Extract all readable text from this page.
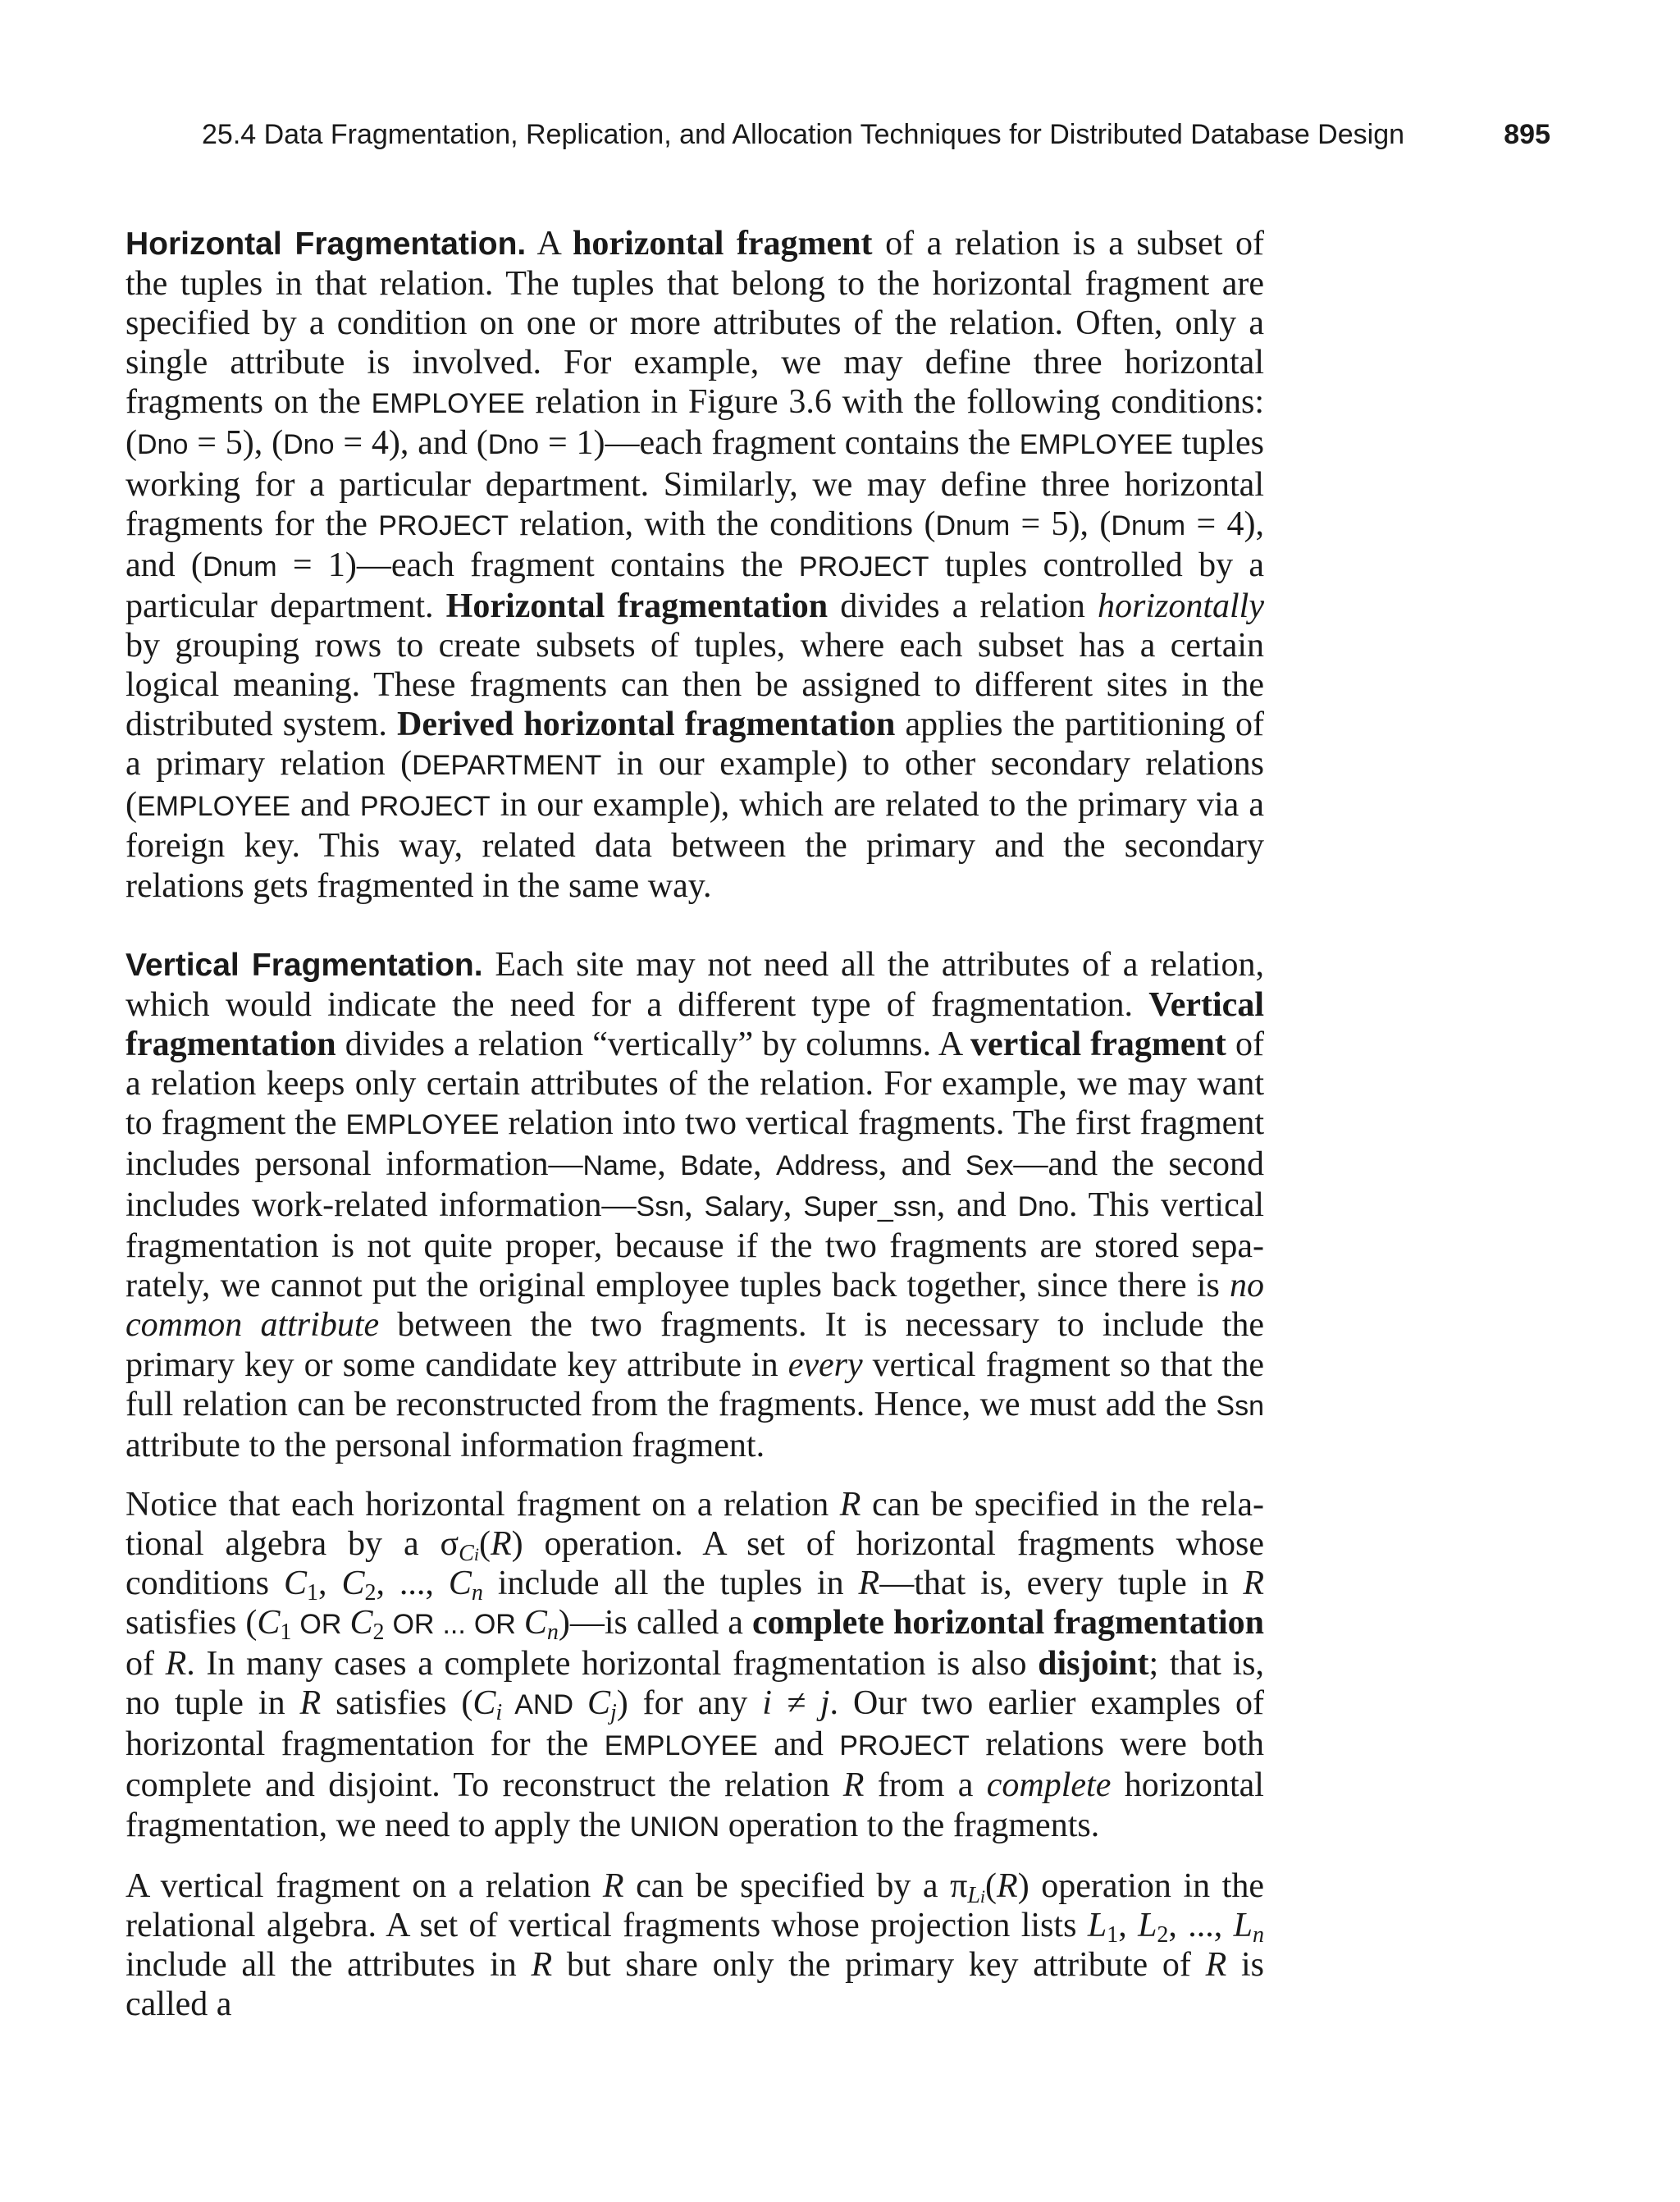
25.4 Data Fragmentation, Replication, and Allocation Techniques for Distributed Database Design	895

Horizontal Fragmentation. A horizontal fragment of a relation is a subset of the tuples in that relation. The tuples that belong to the horizontal fragment are specified by a condition on one or more attributes of the relation. Often, only a single attribute is involved. For example, we may define three horizontal fragments on the EMPLOYEE relation in Figure 3.6 with the following conditions: (Dno = 5), (Dno = 4), and (Dno = 1)—each fragment contains the EMPLOYEE tuples working for a particular department. Similarly, we may define three horizontal fragments for the PROJECT relation, with the conditions (Dnum = 5), (Dnum = 4), and (Dnum = 1)—each fragment contains the PROJECT tuples controlled by a particular department. Horizontal fragmentation divides a relation horizontally by grouping rows to create subsets of tuples, where each subset has a certain logical meaning. These fragments can then be assigned to different sites in the distributed system. Derived horizontal fragmentation applies the partitioning of a primary relation (DEPARTMENT in our example) to other secondary relations (EMPLOYEE and PROJECT in our example), which are related to the primary via a foreign key. This way, related data between the primary and the secondary relations gets fragmented in the same way.

Vertical Fragmentation. Each site may not need all the attributes of a relation, which would indicate the need for a different type of fragmentation. Vertical fragmentation divides a relation “vertically” by columns. A vertical fragment of a relation keeps only certain attributes of the relation. For example, we may want to fragment the EMPLOYEE relation into two vertical fragments. The first fragment includes personal information—Name, Bdate, Address, and Sex—and the second includes work-related information—Ssn, Salary, Super_ssn, and Dno. This vertical fragmentation is not quite proper, because if the two fragments are stored separately, we cannot put the original employee tuples back together, since there is no common attribute between the two fragments. It is necessary to include the primary key or some candidate key attribute in every vertical fragment so that the full relation can be reconstructed from the fragments. Hence, we must add the Ssn attribute to the personal information fragment.

Notice that each horizontal fragment on a relation R can be specified in the relational algebra by a $\sigma_{Ci}(R)$ operation. A set of horizontal fragments whose conditions $C_1$, $C_2$, ..., $C_n$ include all the tuples in R—that is, every tuple in R satisfies ($C_1$ OR $C_2$ OR ... OR $C_n)—is$ called a complete horizontal fragmentation of R. In many cases a complete horizontal fragmentation is also disjoint; that is, no tuple in R satisfies ($C_i$ AND $C_j$) for any i ≠ j. Our two earlier examples of horizontal fragmentation for the EMPLOYEE and PROJECT relations were both complete and disjoint. To reconstruct the relation R from a complete horizontal fragmentation, we need to apply the UNION operation to the fragments.

A vertical fragment on a relation R can be specified by a $\pi_{Li}(R)$ operation in the relational algebra. A set of vertical fragments whose projection lists $L_1$, $L_2$, ..., $L_n$ include all the attributes in R but share only the primary key attribute of R is called a
